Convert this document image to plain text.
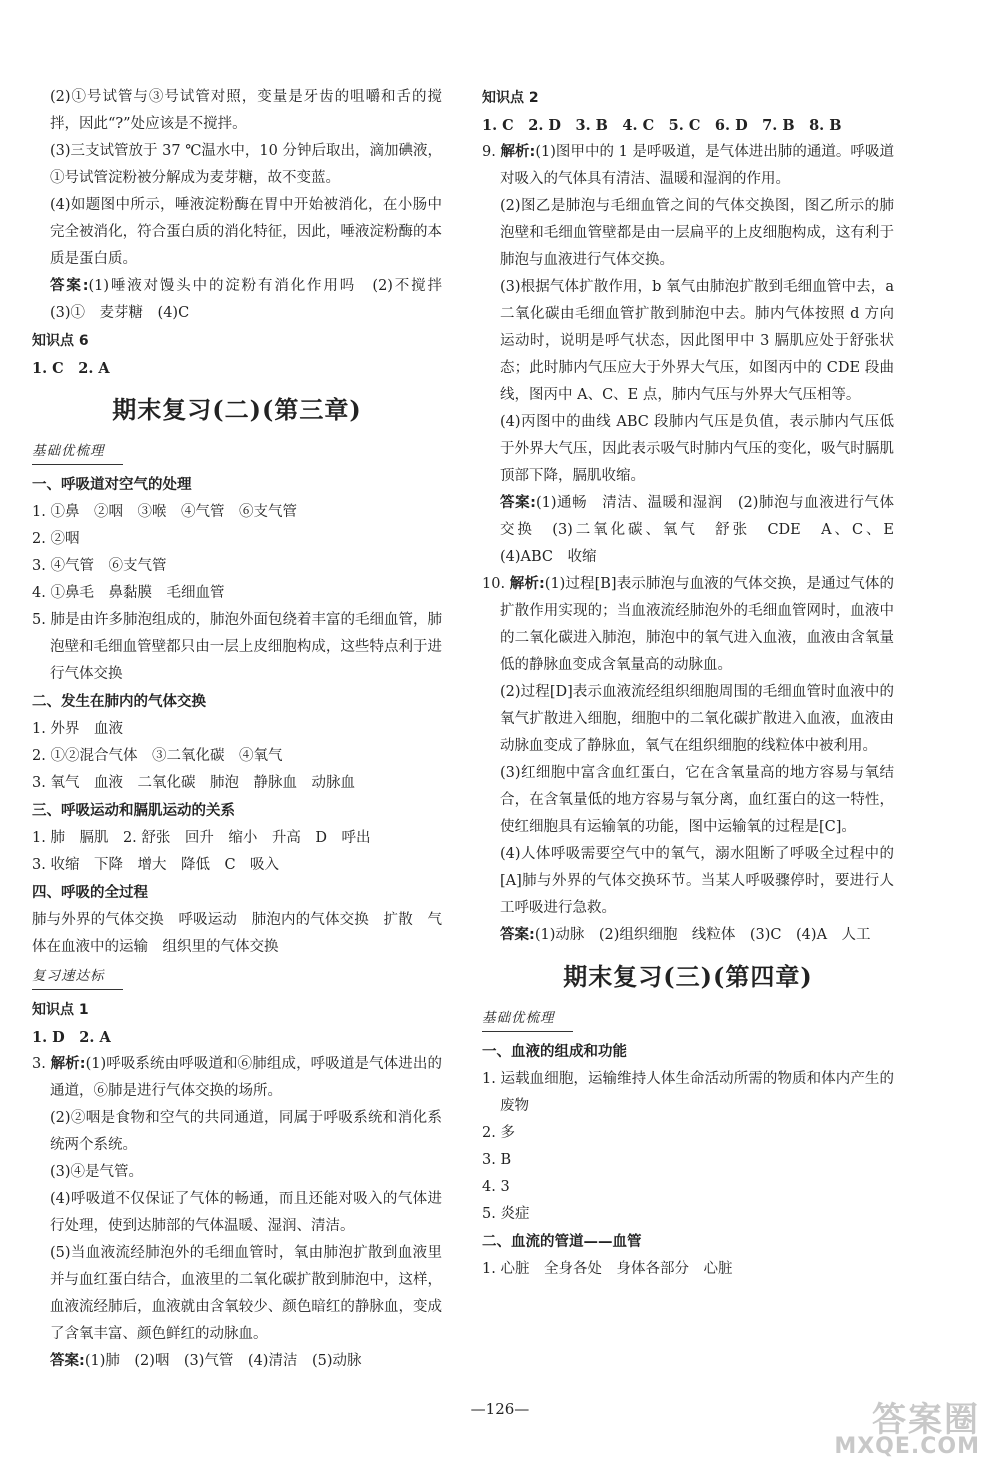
(2)①号试管与③号试管对照，变量是牙齿的咀嚼和舌的搅拌，因此“?”处应该是不搅拌。
(3)三支试管放于 37 ℃温水中，10 分钟后取出，滴加碘液，①号试管淀粉被分解成为麦芽糖，故不变蓝。
(4)如题图中所示，唾液淀粉酶在胃中开始被消化，在小肠中完全被消化，符合蛋白质的消化特征，因此，唾液淀粉酶的本质是蛋白质。
答案:(1)唾液对馒头中的淀粉有消化作用吗　(2)不搅拌　(3)①　麦芽糖　(4)C
知识点 6
1. C　2. A
期末复习(二)(第三章)
基础优梳理
一、呼吸道对空气的处理
1. ①鼻　②咽　③喉　④气管　⑥支气管
2. ②咽
3. ④气管　⑥支气管
4. ①鼻毛　鼻黏膜　毛细血管
5. 肺是由许多肺泡组成的，肺泡外面包绕着丰富的毛细血管，肺泡壁和毛细血管壁都只由一层上皮细胞构成，这些特点利于进行气体交换
二、发生在肺内的气体交换
1. 外界　血液
2. ①②混合气体　③二氧化碳　④氧气
3. 氧气　血液　二氧化碳　肺泡　静脉血　动脉血
三、呼吸运动和膈肌运动的关系
1. 肺　膈肌　2. 舒张　回升　缩小　升高　D　呼出
3. 收缩　下降　增大　降低　C　吸入
四、呼吸的全过程
肺与外界的气体交换　呼吸运动　肺泡内的气体交换　扩散　气体在血液中的运输　组织里的气体交换
复习速达标
知识点 1
1. D　2. A
3. 解析:(1)呼吸系统由呼吸道和⑥肺组成，呼吸道是气体进出的通道，⑥肺是进行气体交换的场所。
(2)②咽是食物和空气的共同通道，同属于呼吸系统和消化系统两个系统。
(3)④是气管。
(4)呼吸道不仅保证了气体的畅通，而且还能对吸入的气体进行处理，使到达肺部的气体温暖、湿润、清洁。
(5)当血液流经肺泡外的毛细血管时，氧由肺泡扩散到血液里并与血红蛋白结合，血液里的二氧化碳扩散到肺泡中，这样，血液流经肺后，血液就由含氧较少、颜色暗红的静脉血，变成了含氧丰富、颜色鲜红的动脉血。
答案:(1)肺　(2)咽　(3)气管　(4)清洁　(5)动脉
知识点 2
1. C　2. D　3. B　4. C　5. C　6. D　7. B　8. B
9. 解析:(1)图甲中的 1 是呼吸道，是气体进出肺的通道。呼吸道对吸入的气体具有清洁、温暖和湿润的作用。
(2)图乙是肺泡与毛细血管之间的气体交换图，图乙所示的肺泡壁和毛细血管壁都是由一层扁平的上皮细胞构成，这有利于肺泡与血液进行气体交换。
(3)根据气体扩散作用，b 氧气由肺泡扩散到毛细血管中去，a 二氧化碳由毛细血管扩散到肺泡中去。肺内气体按照 d 方向运动时，说明是呼气状态，因此图甲中 3 膈肌应处于舒张状态；此时肺内气压应大于外界大气压，如图丙中的 CDE 段曲线，图丙中 A、C、E 点，肺内气压与外界大气压相等。
(4)丙图中的曲线 ABC 段肺内气压是负值，表示肺内气压低于外界大气压，因此表示吸气时肺内气压的变化，吸气时膈肌顶部下降，膈肌收缩。
答案:(1)通畅　清洁、温暖和湿润　(2)肺泡与血液进行气体交换　(3)二氧化碳、氧气　舒张　CDE　A、C、E　(4)ABC　收缩
10. 解析:(1)过程[B]表示肺泡与血液的气体交换，是通过气体的扩散作用实现的；当血液流经肺泡外的毛细血管网时，血液中的二氧化碳进入肺泡，肺泡中的氧气进入血液，血液由含氧量低的静脉血变成含氧量高的动脉血。
(2)过程[D]表示血液流经组织细胞周围的毛细血管时血液中的氧气扩散进入细胞，细胞中的二氧化碳扩散进入血液，血液由动脉血变成了静脉血，氧气在组织细胞的线粒体中被利用。
(3)红细胞中富含血红蛋白，它在含氧量高的地方容易与氧结合，在含氧量低的地方容易与氧分离，血红蛋白的这一特性，使红细胞具有运输氧的功能，图中运输氧的过程是[C]。
(4)人体呼吸需要空气中的氧气，溺水阻断了呼吸全过程中的[A]肺与外界的气体交换环节。当某人呼吸骤停时，要进行人工呼吸进行急救。
答案:(1)动脉　(2)组织细胞　线粒体　(3)C　(4)A　人工
期末复习(三)(第四章)
基础优梳理
一、血液的组成和功能
1. 运载血细胞，运输维持人体生命活动所需的物质和体内产生的废物
2. 多
3. B
4. 3
5. 炎症
二、血流的管道——血管
1. 心脏　全身各处　身体各部分　心脏
—126—	答案圈
MXQE.COM
